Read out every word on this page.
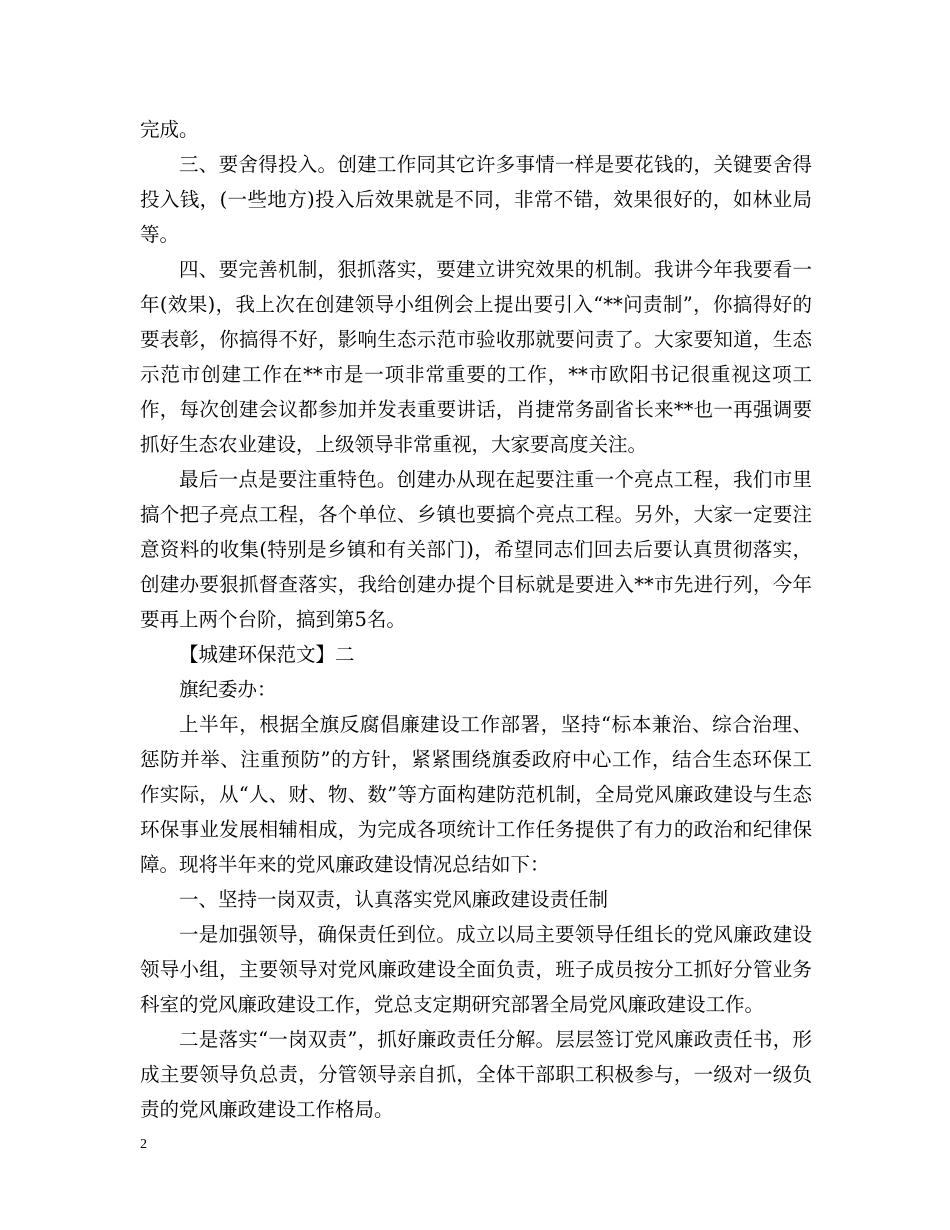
完成。

三、要舍得投入。创建工作同其它许多事情一样是要花钱的，关键要舍得投入钱，(一些地方)投入后效果就是不同，非常不错，效果很好的，如林业局等。

四、要完善机制，狠抓落实，要建立讲究效果的机制。我讲今年我要看一年(效果)，我上次在创建领导小组例会上提出要引入“**问责制”，你搞得好的要表彰，你搞得不好，影响生态示范市验收那就要问责了。大家要知道，生态示范市创建工作在**市是一项非常重要的工作，**市欧阳书记很重视这项工作，每次创建会议都参加并发表重要讲话，肖捷常务副省长来**也一再强调要抓好生态农业建设，上级领导非常重视，大家要高度关注。

最后一点是要注重特色。创建办从现在起要注重一个亮点工程，我们市里搞个把子亮点工程，各个单位、乡镇也要搞个亮点工程。另外，大家一定要注意资料的收集(特别是乡镇和有关部门)，希望同志们回去后要认真贯彻落实，创建办要狠抓督查落实，我给创建办提个目标就是要进入**市先进行列，今年要再上两个台阶，搞到第5名。

【城建环保范文】二

旗纪委办：

上半年，根据全旗反腐倡廉建设工作部署，坚持“标本兼治、综合治理、惩防并举、注重预防”的方针，紧紧围绕旗委政府中心工作，结合生态环保工作实际，从“人、财、物、数”等方面构建防范机制，全局党风廉政建设与生态环保事业发展相辅相成，为完成各项统计工作任务提供了有力的政治和纪律保障。现将半年来的党风廉政建设情况总结如下：

一、坚持一岗双责，认真落实党风廉政建设责任制

一是加强领导，确保责任到位。成立以局主要领导任组长的党风廉政建设领导小组，主要领导对党风廉政建设全面负责，班子成员按分工抓好分管业务科室的党风廉政建设工作，党总支定期研究部署全局党风廉政建设工作。

二是落实“一岗双责”，抓好廉政责任分解。层层签订党风廉政责任书，形成主要领导负总责，分管领导亲自抓，全体干部职工积极参与，一级对一级负责的党风廉政建设工作格局。

2
